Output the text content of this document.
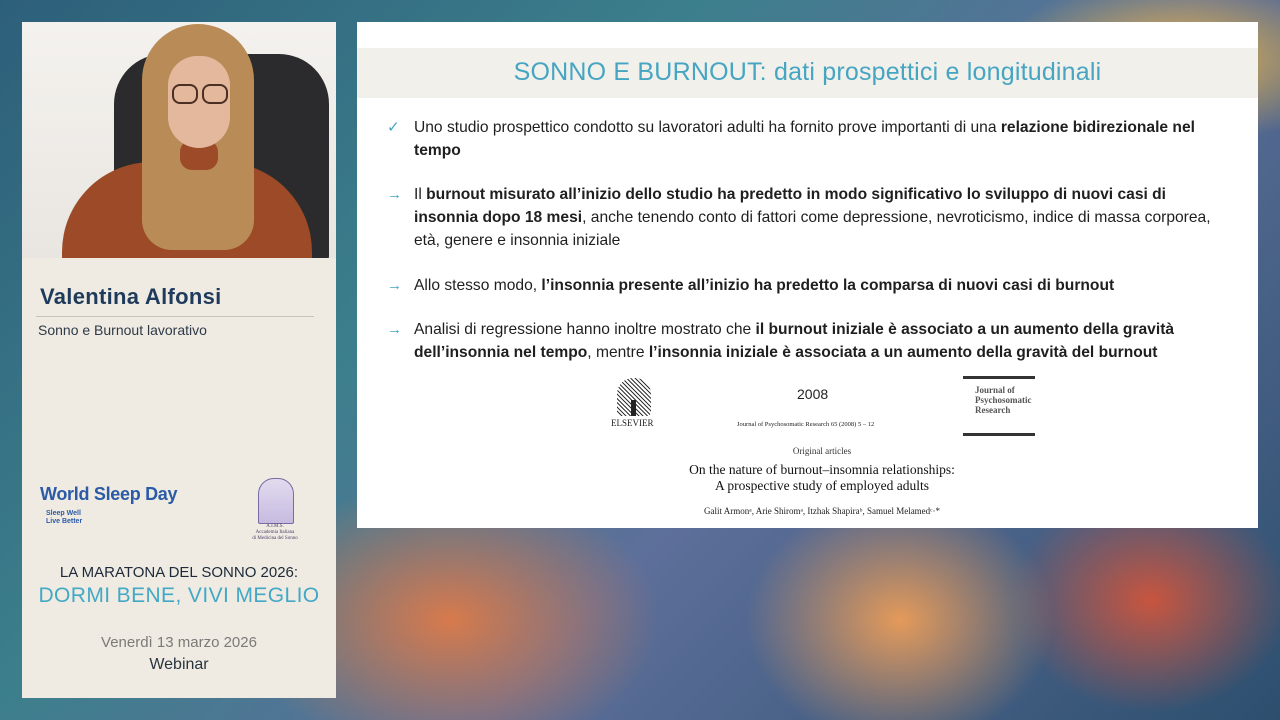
Valentina Alfonsi
Sonno e Burnout lavorativo
World Sleep Day
Sleep Well
Live Better
A.I.M.S.
Accademia Italiana
di Medicina del Sonno
LA MARATONA DEL SONNO 2026:
DORMI BENE, VIVI MEGLIO
Venerdì 13 marzo 2026
Webinar
SONNO E BURNOUT: dati prospettici e longitudinali
✓ Uno studio prospettico condotto su lavoratori adulti ha fornito prove importanti di una relazione bidirezionale nel tempo
→ Il burnout misurato all’inizio dello studio ha predetto in modo significativo lo sviluppo di nuovi casi di insonnia dopo 18 mesi, anche tenendo conto di fattori come depressione, nevroticismo, indice di massa corporea, età, genere e insonnia iniziale
→ Allo stesso modo, l’insonnia presente all’inizio ha predetto la comparsa di nuovi casi di burnout
→ Analisi di regressione hanno inoltre mostrato che il burnout iniziale è associato a un aumento della gravità dell’insonnia nel tempo, mentre l’insonnia iniziale è associata a un aumento della gravità del burnout
ELSEVIER
2008
Journal of Psychosomatic Research 65 (2008) 5 – 12
Journal of Psychosomatic Research
Original articles
On the nature of burnout–insomnia relationships:
A prospective study of employed adults
Galit Armonᵃ, Arie Shiromᵃ, Itzhak Shapiraᵇ, Samuel Melamedᶜ·*
